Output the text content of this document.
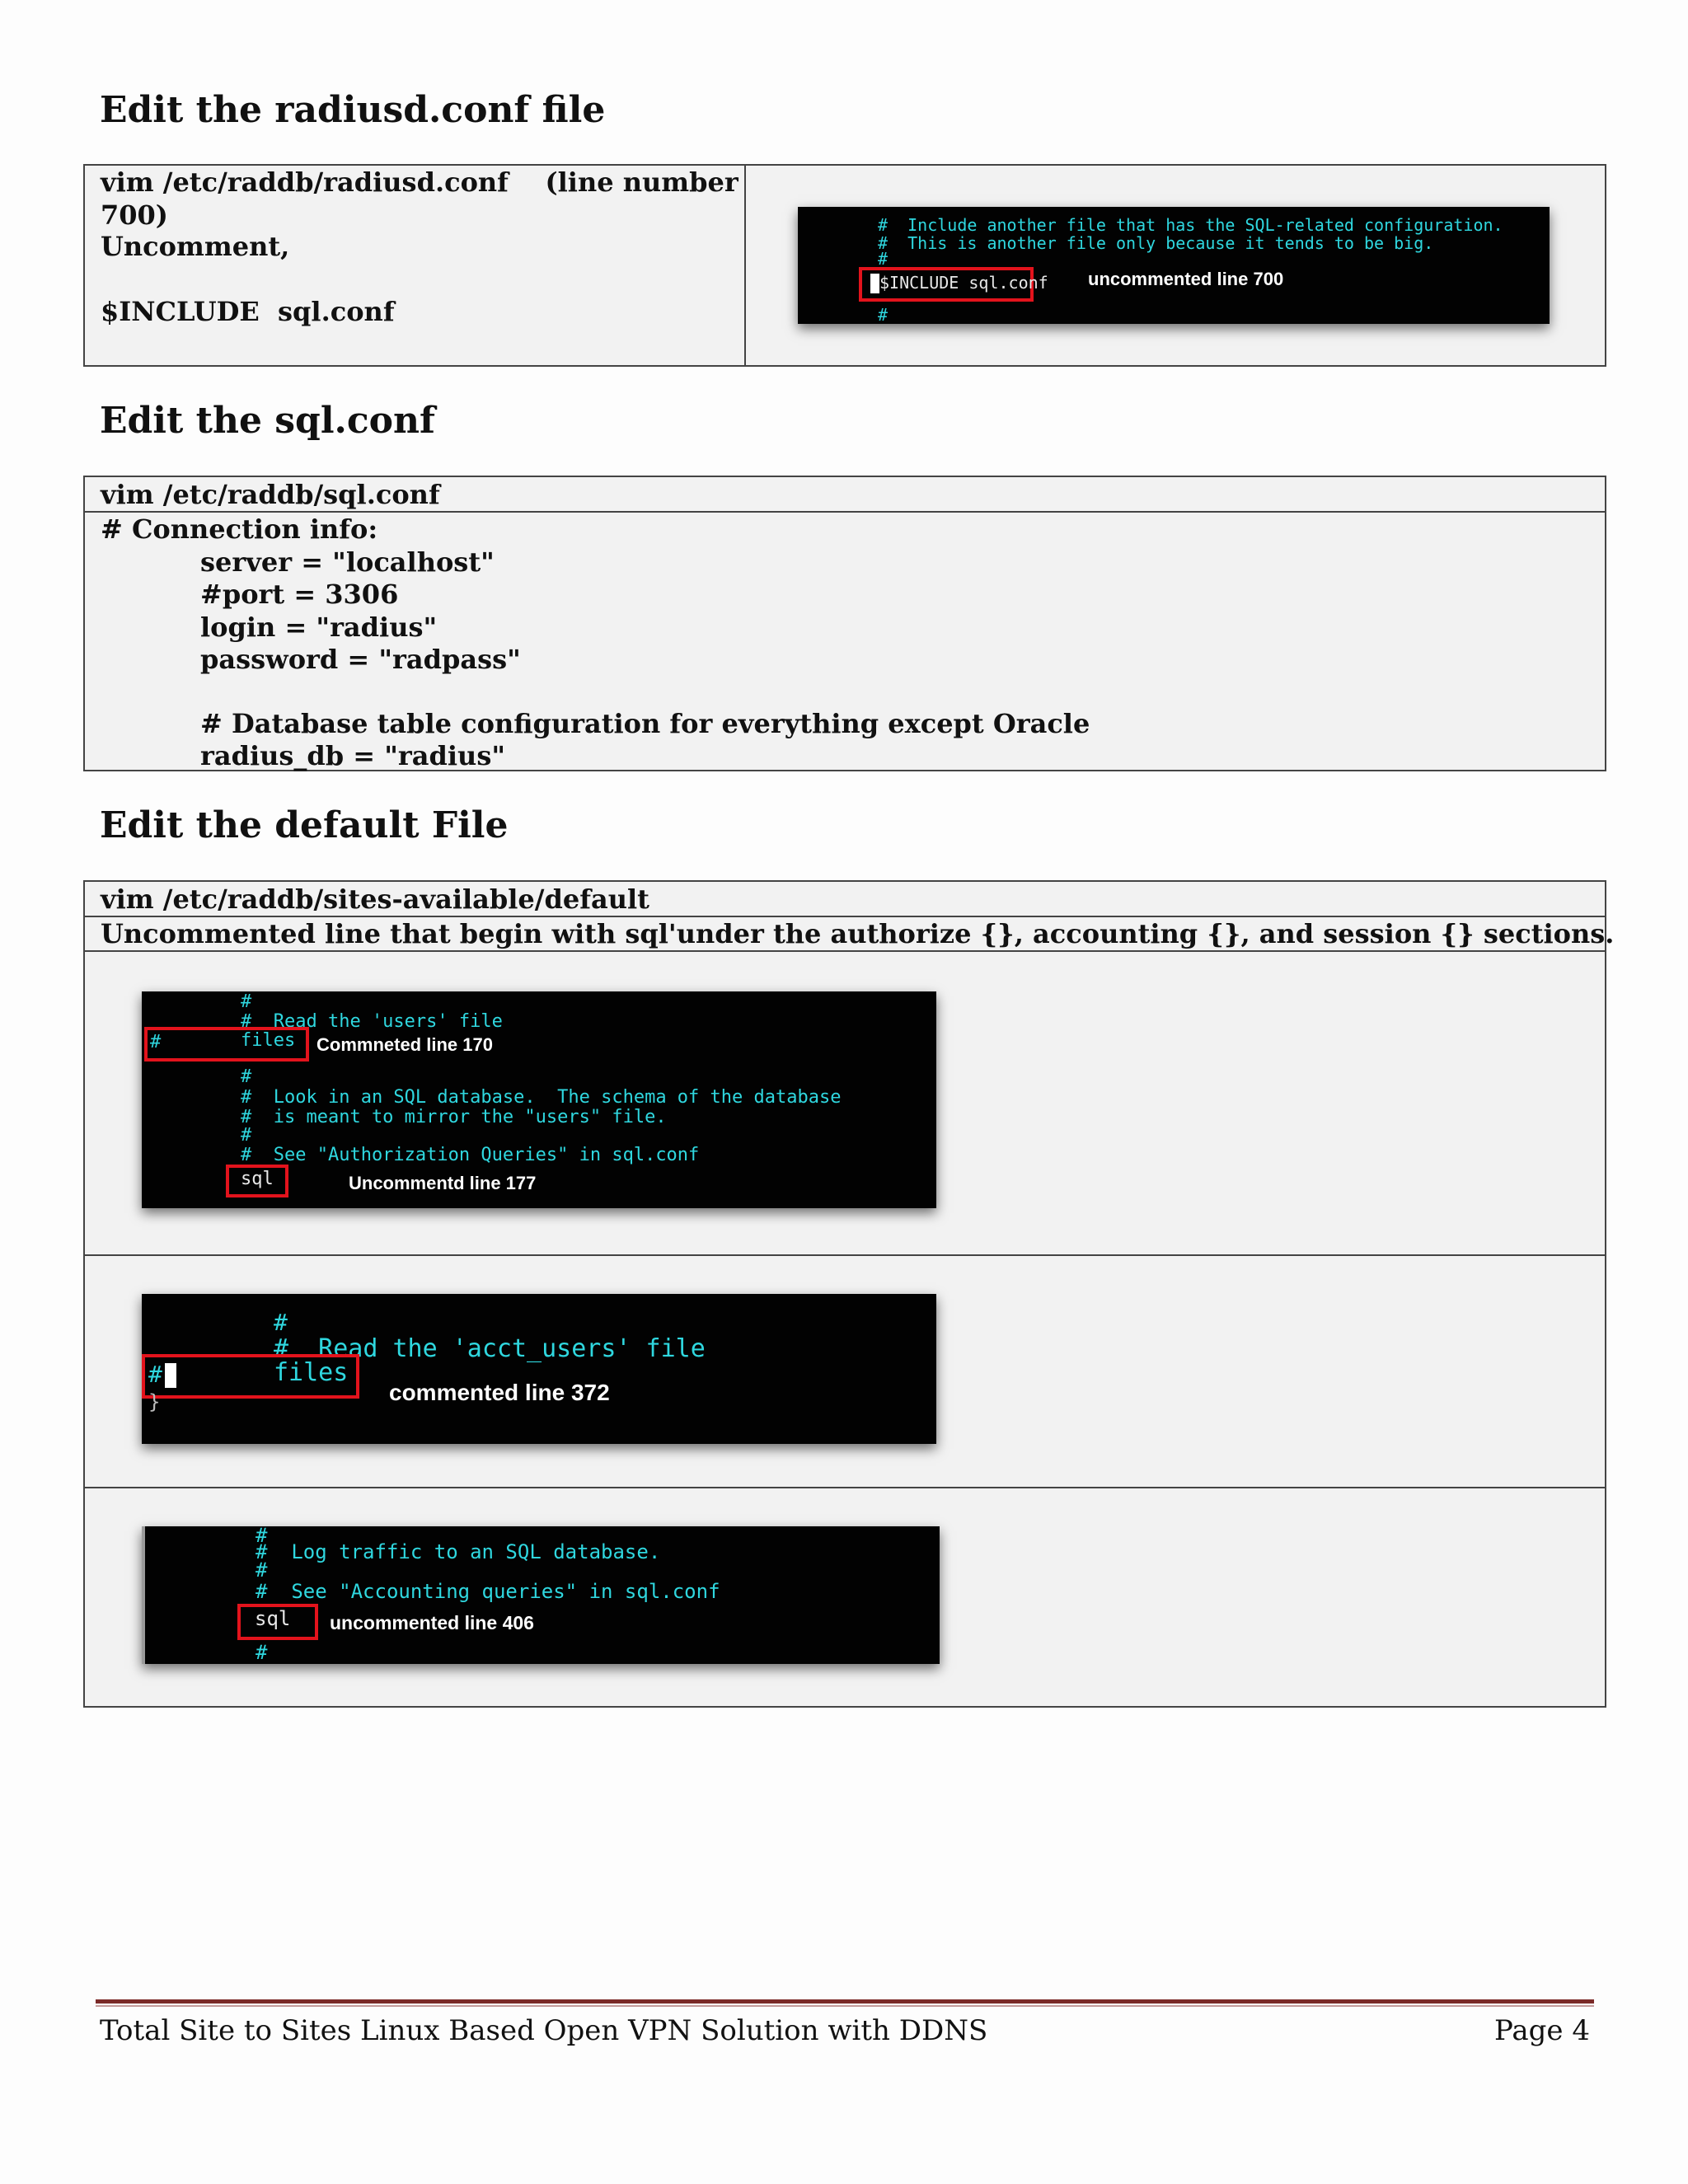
Edit the radiusd.conf file
vim /etc/raddb/radiusd.conf (line number 700)
Uncomment,
$INCLUDE  sql.conf
#  Include another file that has the SQL-related configuration.
#  This is another file only because it tends to be big.
#
$INCLUDE sql.conf uncommented line 700
#
Edit the sql.conf
vim /etc/raddb/sql.conf
# Connection info:
server = "localhost"
#port = 3306
login = "radius"
password = "radpass"
# Database table configuration for everything except Oracle
radius_db = "radius"
Edit the default File
vim /etc/raddb/sites-available/default
Uncommented line that begin with sql'under the authorize {}, accounting {}, and session {} sections.
#
#  Read the 'users' file
#	files Commneted line 170
#
#  Look in an SQL database.  The schema of the database
#  is meant to mirror the "users" file.
#
#  See "Authorization Queries" in sql.conf
sql	Uncommentd line 177
#
#  Read the 'acct_users' file
#	files
commented line 372
}
#
#  Log traffic to an SQL database.
#
#  See "Accounting queries" in sql.conf
sql uncommented line 406
#
Total Site to Sites Linux Based Open VPN Solution with DDNS	Page 4
